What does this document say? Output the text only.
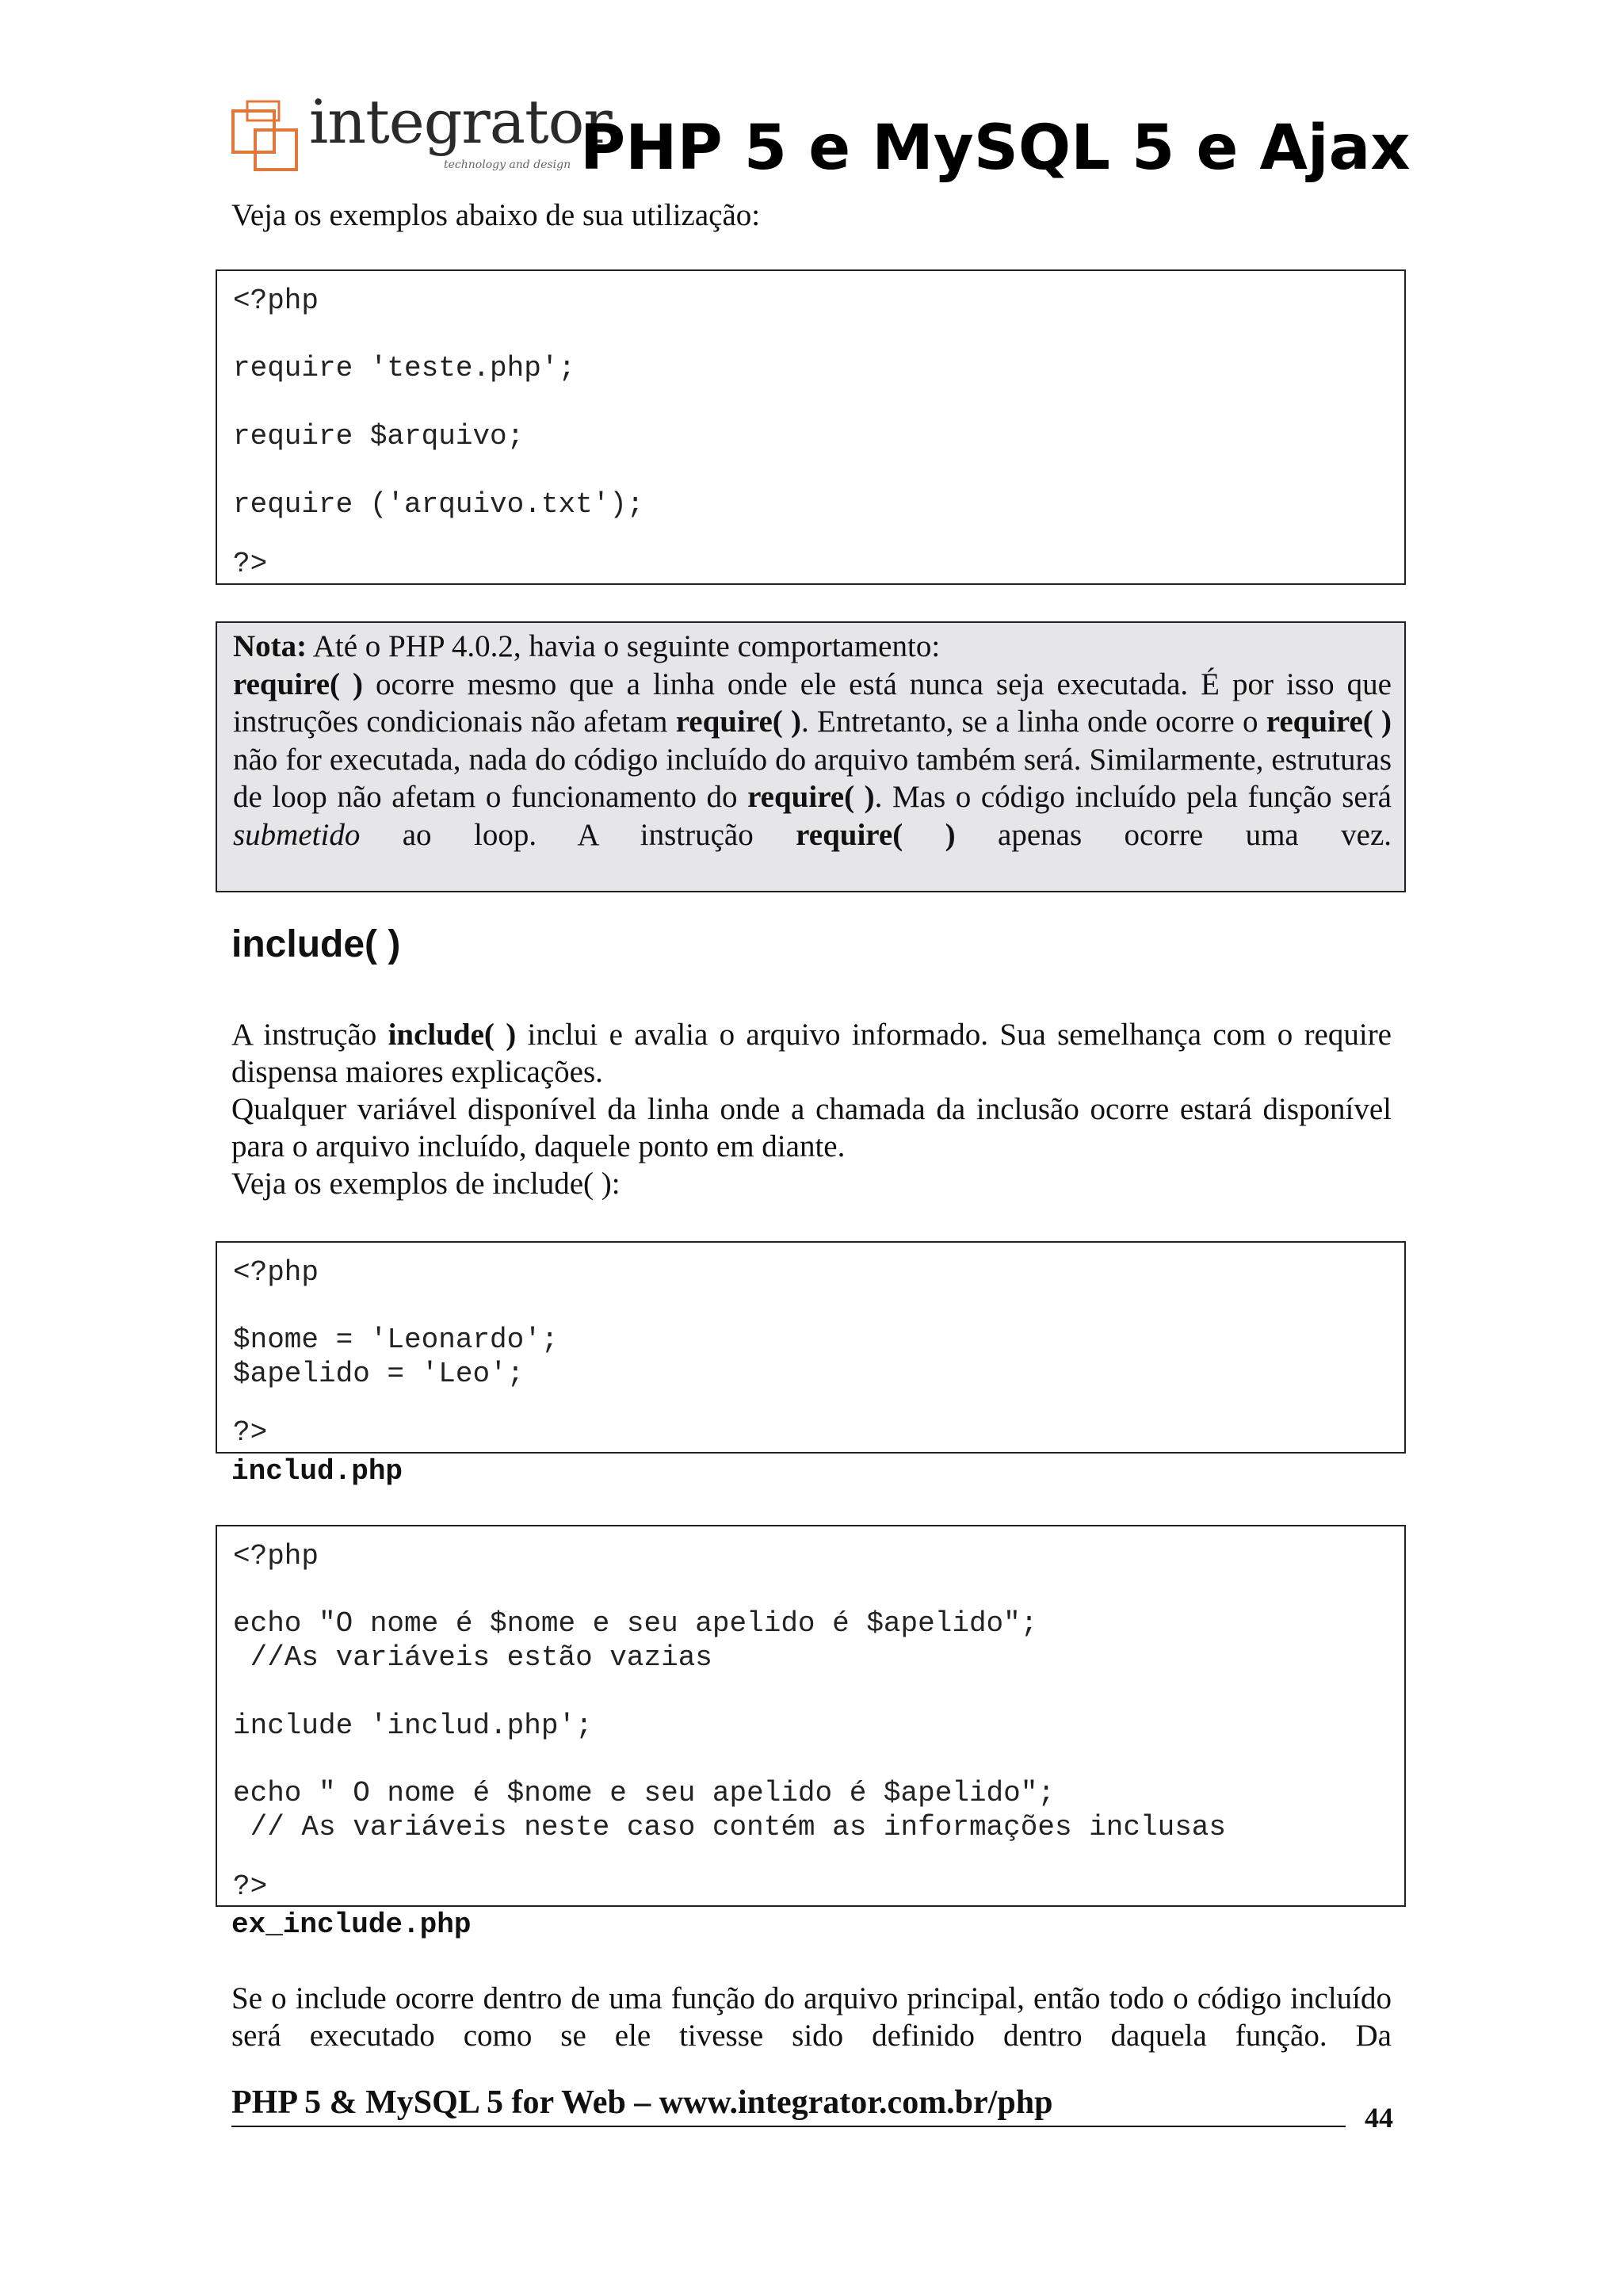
integrator
technology and design PHP 5 e MySQL 5 e Ajax
Veja os exemplos abaixo de sua utilização:
<?php
require 'teste.php';
require $arquivo;
require ('arquivo.txt');
?>
Nota: Até o PHP 4.0.2, havia o seguinte comportamento:
require( ) ocorre mesmo que a linha onde ele está nunca seja executada. É por isso que instruções condicionais não afetam require( ). Entretanto, se a linha onde ocorre o require( ) não for executada, nada do código incluído do arquivo também será. Similarmente, estruturas de loop não afetam o funcionamento do require( ). Mas o código incluído pela função será submetido ao loop. A instrução require( ) apenas ocorre uma vez.
include( )
A instrução include( ) inclui e avalia o arquivo informado. Sua semelhança com o require dispensa maiores explicações.
Qualquer variável disponível da linha onde a chamada da inclusão ocorre estará disponível para o arquivo incluído, daquele ponto em diante.
Veja os exemplos de include( ):
<?php
$nome = 'Leonardo';
$apelido = 'Leo';
?>
includ.php
<?php
echo "O nome é $nome e seu apelido é $apelido";
//As variáveis estão vazias
include 'includ.php';
echo " O nome é $nome e seu apelido é $apelido";
// As variáveis neste caso contém as informações inclusas
?>
ex_include.php
Se o include ocorre dentro de uma função do arquivo principal, então todo o código incluído será executado como se ele tivesse sido definido dentro daquela função. Da
PHP 5 & MySQL 5 for Web – www.integrator.com.br/php	44
